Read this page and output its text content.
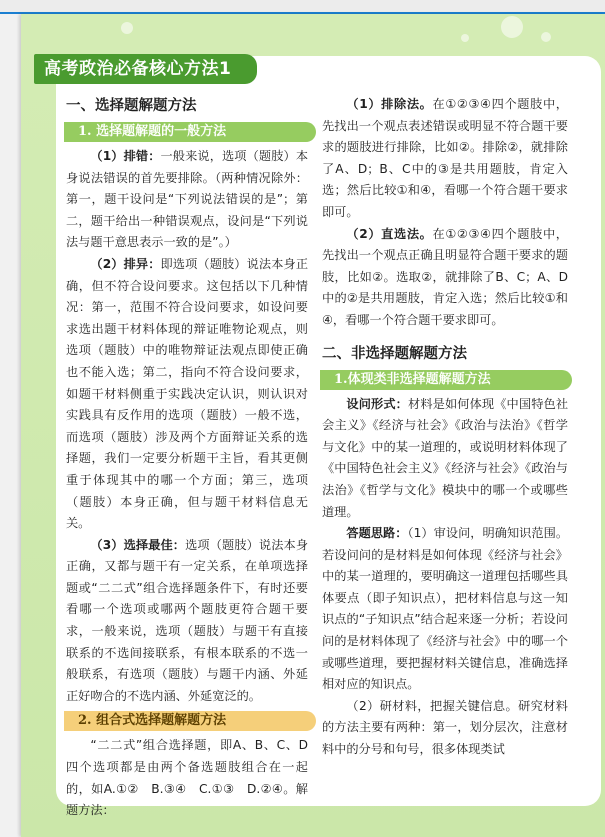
高考政治必备核心方法1
一、选择题解题方法
1. 选择题解题的一般方法

（1）排错：一般来说，选项（题肢）本身说法错误的首先要排除。（两种情况除外：第一，题干设问是“下列说法错误的是”；第二，题干给出一种错误观点，设问是“下列说法与题干意思表示一致的是”。）

（2）排异：即选项（题肢）说法本身正确，但不符合设问要求。这包括以下几种情况：第一，范围不符合设问要求，如设问要求选出题干材料体现的辩证唯物论观点，则选项（题肢）中的唯物辩证法观点即使正确也不能入选；第二，指向不符合设问要求，如题干材料侧重于实践决定认识，则认识对实践具有反作用的选项（题肢）一般不选，而选项（题肢）涉及两个方面辩证关系的选择题，我们一定要分析题干主旨，看其更侧重于体现其中的哪一个方面；第三，选项（题肢）本身正确，但与题干材料信息无关。

（3）选择最佳：选项（题肢）说法本身正确，又都与题干有一定关系，在单项选择题或“二二式”组合选择题条件下，有时还要看哪一个选项或哪两个题肢更符合题干要求，一般来说，选项（题肢）与题干有直接联系的不选间接联系，有根本联系的不选一般联系，有选项（题肢）与题干内涵、外延正好吻合的不选内涵、外延宽泛的。

2. 组合式选择题解题方法

“二二式”组合选择题，即A、B、C、D四个选项都是由两个备选题肢组合在一起的，如A.①②　B.③④　C.①③　D.②④。解题方法：

（1）排除法。在①②③④四个题肢中，先找出一个观点表述错误或明显不符合题干要求的题肢进行排除，比如②。排除②，就排除了A、D；B、C中的③是共用题肢，肯定入选；然后比较①和④，看哪一个符合题干要求即可。

（2）直选法。在①②③④四个题肢中，先找出一个观点正确且明显符合题干要求的题肢，比如②。选取②，就排除了B、C；A、D中的②是共用题肢，肯定入选；然后比较①和④，看哪一个符合题干要求即可。

二、非选择题解题方法
1.体现类非选择题解题方法

设问形式：材料是如何体现《中国特色社会主义》《经济与社会》《政治与法治》《哲学与文化》中的某一道理的，或说明材料体现了《中国特色社会主义》《经济与社会》《政治与法治》《哲学与文化》模块中的哪一个或哪些道理。

答题思路：（1）审设问，明确知识范围。若设问问的是材料是如何体现《经济与社会》中的某一道理的，要明确这一道理包括哪些具体要点（即子知识点），把材料信息与这一知识点的“子知识点”结合起来逐一分析；若设问问的是材料体现了《经济与社会》中的哪一个或哪些道理，要把握材料关键信息，准确选择相对应的知识点。

（2）研材料，把握关键信息。研究材料的方法主要有两种：第一，划分层次，注意材料中的分号和句号，很多体现类试
